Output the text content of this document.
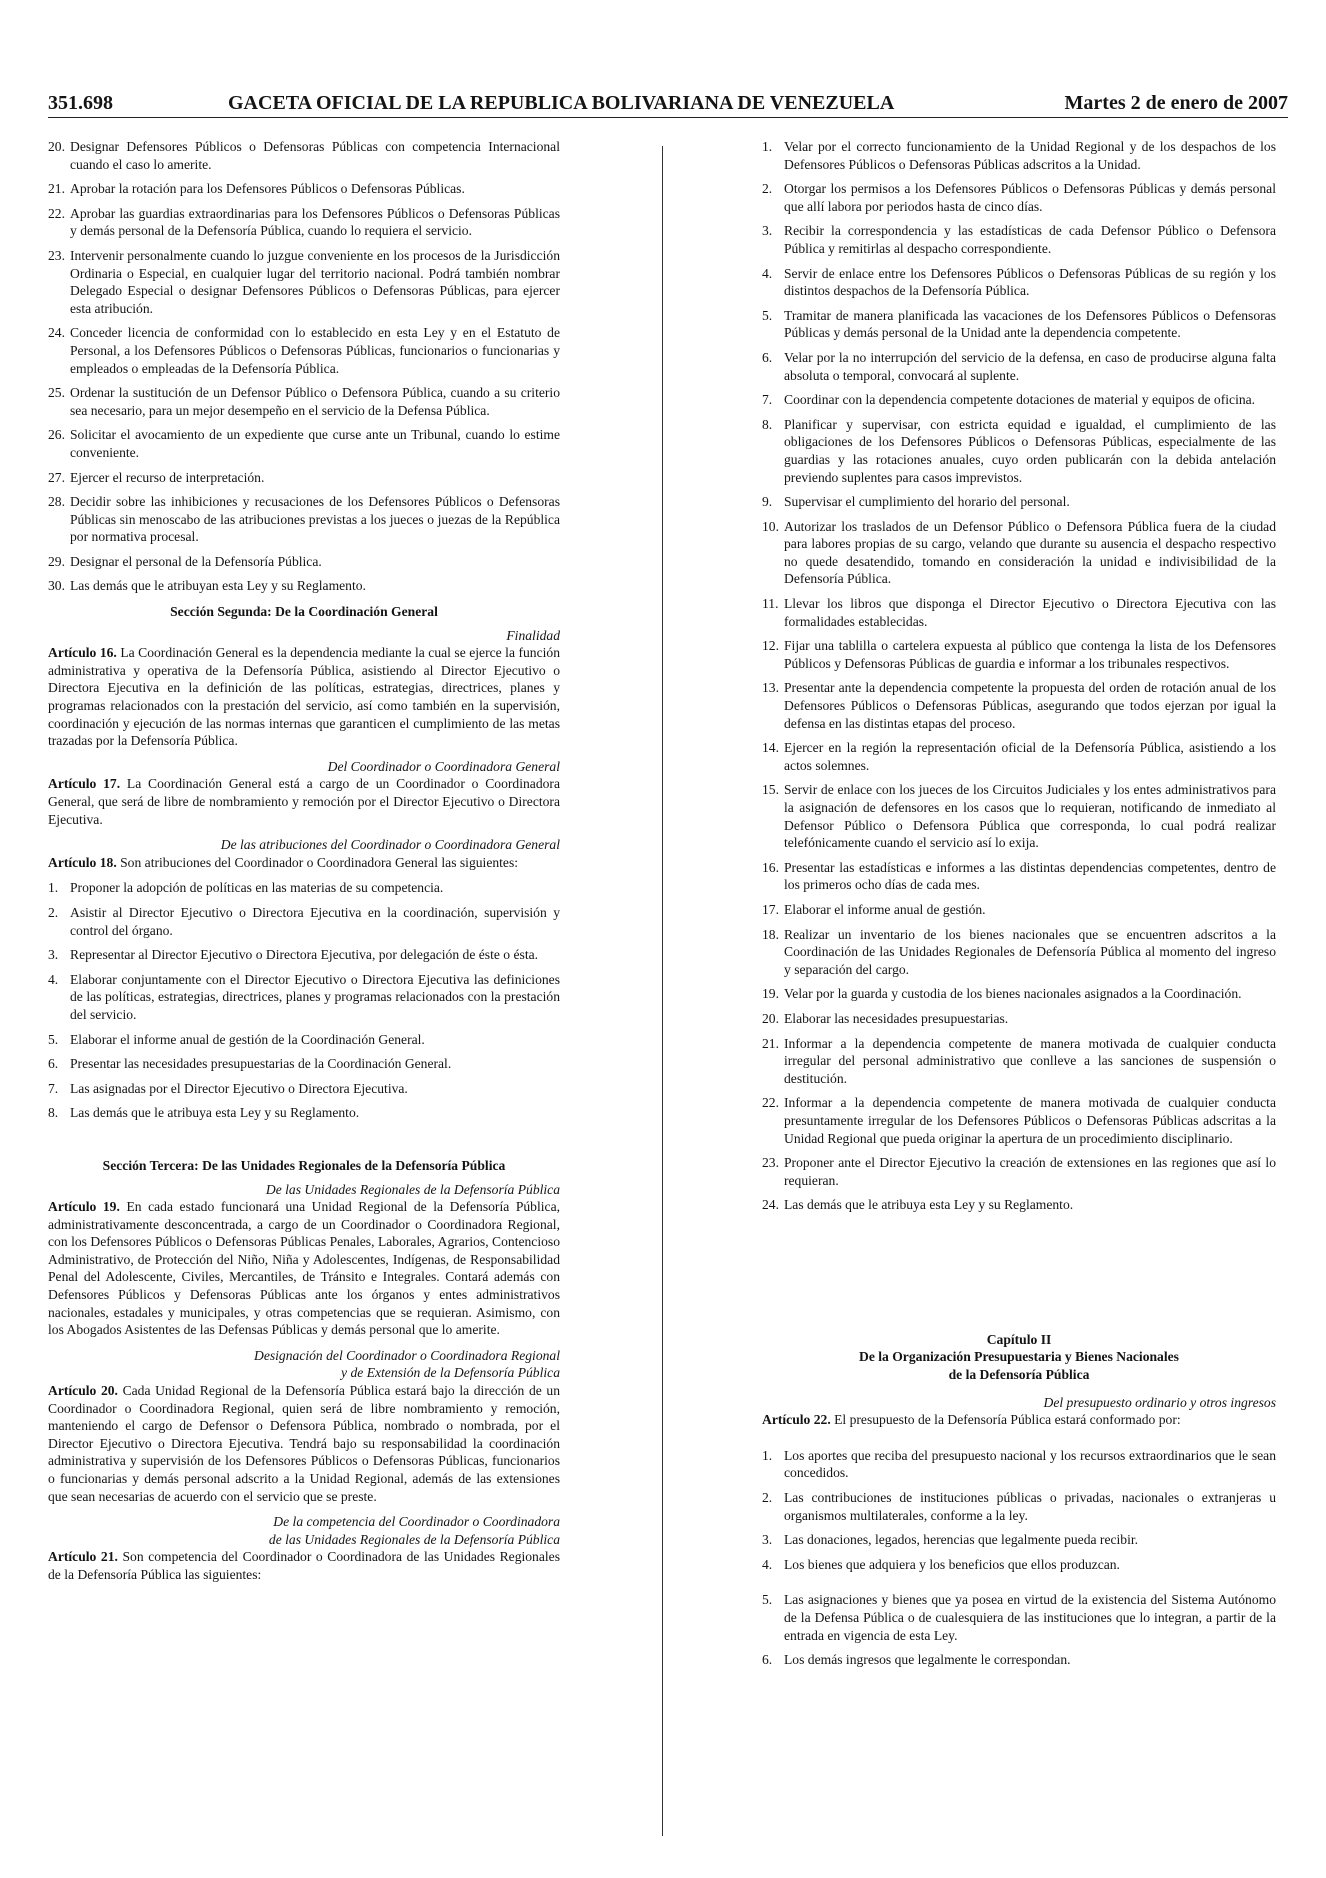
351.698	GACETA OFICIAL DE LA REPUBLICA BOLIVARIANA DE VENEZUELA	Martes 2 de enero de 2007
20. Designar Defensores Públicos o Defensoras Públicas con competencia Internacional cuando el caso lo amerite.
21. Aprobar la rotación para los Defensores Públicos o Defensoras Públicas.
22. Aprobar las guardias extraordinarias para los Defensores Públicos o Defensoras Públicas y demás personal de la Defensoría Pública, cuando lo requiera el servicio.
23. Intervenir personalmente cuando lo juzgue conveniente en los procesos de la Jurisdicción Ordinaria o Especial, en cualquier lugar del territorio nacional. Podrá también nombrar Delegado Especial o designar Defensores Públicos o Defensoras Públicas, para ejercer esta atribución.
24. Conceder licencia de conformidad con lo establecido en esta Ley y en el Estatuto de Personal, a los Defensores Públicos o Defensoras Públicas, funcionarios o funcionarias y empleados o empleadas de la Defensoría Pública.
25. Ordenar la sustitución de un Defensor Público o Defensora Pública, cuando a su criterio sea necesario, para un mejor desempeño en el servicio de la Defensa Pública.
26. Solicitar el avocamiento de un expediente que curse ante un Tribunal, cuando lo estime conveniente.
27. Ejercer el recurso de interpretación.
28. Decidir sobre las inhibiciones y recusaciones de los Defensores Públicos o Defensoras Públicas sin menoscabo de las atribuciones previstas a los jueces o juezas de la República por normativa procesal.
29. Designar el personal de la Defensoría Pública.
30. Las demás que le atribuyan esta Ley y su Reglamento.
Sección Segunda: De la Coordinación General
Finalidad
Artículo 16. La Coordinación General es la dependencia mediante la cual se ejerce la función administrativa y operativa de la Defensoría Pública, asistiendo al Director Ejecutivo o Directora Ejecutiva en la definición de las políticas, estrategias, directrices, planes y programas relacionados con la prestación del servicio, así como también en la supervisión, coordinación y ejecución de las normas internas que garanticen el cumplimiento de las metas trazadas por la Defensoría Pública.
Del Coordinador o Coordinadora General
Artículo 17. La Coordinación General está a cargo de un Coordinador o Coordinadora General, que será de libre de nombramiento y remoción por el Director Ejecutivo o Directora Ejecutiva.
De las atribuciones del Coordinador o Coordinadora General
Artículo 18. Son atribuciones del Coordinador o Coordinadora General las siguientes:
1. Proponer la adopción de políticas en las materias de su competencia.
2. Asistir al Director Ejecutivo o Directora Ejecutiva en la coordinación, supervisión y control del órgano.
3. Representar al Director Ejecutivo o Directora Ejecutiva, por delegación de éste o ésta.
4. Elaborar conjuntamente con el Director Ejecutivo o Directora Ejecutiva las definiciones de las políticas, estrategias, directrices, planes y programas relacionados con la prestación del servicio.
5. Elaborar el informe anual de gestión de la Coordinación General.
6. Presentar las necesidades presupuestarias de la Coordinación General.
7. Las asignadas por el Director Ejecutivo o Directora Ejecutiva.
8. Las demás que le atribuya esta Ley y su Reglamento.
Sección Tercera: De las Unidades Regionales de la Defensoría Pública
De las Unidades Regionales de la Defensoría Pública
Artículo 19. En cada estado funcionará una Unidad Regional de la Defensoría Pública, administrativamente desconcentrada, a cargo de un Coordinador o Coordinadora Regional, con los Defensores Públicos o Defensoras Públicas Penales, Laborales, Agrarios, Contencioso Administrativo, de Protección del Niño, Niña y Adolescentes, Indígenas, de Responsabilidad Penal del Adolescente, Civiles, Mercantiles, de Tránsito e Integrales. Contará además con Defensores Públicos y Defensoras Públicas ante los órganos y entes administrativos nacionales, estadales y municipales, y otras competencias que se requieran. Asimismo, con los Abogados Asistentes de las Defensas Públicas y demás personal que lo amerite.
Designación del Coordinador o Coordinadora Regional
y de Extensión de la Defensoría Pública
Artículo 20. Cada Unidad Regional de la Defensoría Pública estará bajo la dirección de un Coordinador o Coordinadora Regional, quien será de libre nombramiento y remoción, manteniendo el cargo de Defensor o Defensora Pública, nombrado o nombrada, por el Director Ejecutivo o Directora Ejecutiva. Tendrá bajo su responsabilidad la coordinación administrativa y supervisión de los Defensores Públicos o Defensoras Públicas, funcionarios o funcionarias y demás personal adscrito a la Unidad Regional, además de las extensiones que sean necesarias de acuerdo con el servicio que se preste.
De la competencia del Coordinador o Coordinadora
de las Unidades Regionales de la Defensoría Pública
Artículo 21. Son competencia del Coordinador o Coordinadora de las Unidades Regionales de la Defensoría Pública las siguientes:
1. Velar por el correcto funcionamiento de la Unidad Regional y de los despachos de los Defensores Públicos o Defensoras Públicas adscritos a la Unidad.
2. Otorgar los permisos a los Defensores Públicos o Defensoras Públicas y demás personal que allí labora por periodos hasta de cinco días.
3. Recibir la correspondencia y las estadísticas de cada Defensor Público o Defensora Pública y remitirlas al despacho correspondiente.
4. Servir de enlace entre los Defensores Públicos o Defensoras Públicas de su región y los distintos despachos de la Defensoría Pública.
5. Tramitar de manera planificada las vacaciones de los Defensores Públicos o Defensoras Públicas y demás personal de la Unidad ante la dependencia competente.
6. Velar por la no interrupción del servicio de la defensa, en caso de producirse alguna falta absoluta o temporal, convocará al suplente.
7. Coordinar con la dependencia competente dotaciones de material y equipos de oficina.
8. Planificar y supervisar, con estricta equidad e igualdad, el cumplimiento de las obligaciones de los Defensores Públicos o Defensoras Públicas, especialmente de las guardias y las rotaciones anuales, cuyo orden publicarán con la debida antelación previendo suplentes para casos imprevistos.
9. Supervisar el cumplimiento del horario del personal.
10. Autorizar los traslados de un Defensor Público o Defensora Pública fuera de la ciudad para labores propias de su cargo, velando que durante su ausencia el despacho respectivo no quede desatendido, tomando en consideración la unidad e indivisibilidad de la Defensoría Pública.
11. Llevar los libros que disponga el Director Ejecutivo o Directora Ejecutiva con las formalidades establecidas.
12. Fijar una tablilla o cartelera expuesta al público que contenga la lista de los Defensores Públicos y Defensoras Públicas de guardia e informar a los tribunales respectivos.
13. Presentar ante la dependencia competente la propuesta del orden de rotación anual de los Defensores Públicos o Defensoras Públicas, asegurando que todos ejerzan por igual la defensa en las distintas etapas del proceso.
14. Ejercer en la región la representación oficial de la Defensoría Pública, asistiendo a los actos solemnes.
15. Servir de enlace con los jueces de los Circuitos Judiciales y los entes administrativos para la asignación de defensores en los casos que lo requieran, notificando de inmediato al Defensor Público o Defensora Pública que corresponda, lo cual podrá realizar telefónicamente cuando el servicio así lo exija.
16. Presentar las estadísticas e informes a las distintas dependencias competentes, dentro de los primeros ocho días de cada mes.
17. Elaborar el informe anual de gestión.
18. Realizar un inventario de los bienes nacionales que se encuentren adscritos a la Coordinación de las Unidades Regionales de Defensoría Pública al momento del ingreso y separación del cargo.
19. Velar por la guarda y custodia de los bienes nacionales asignados a la Coordinación.
20. Elaborar las necesidades presupuestarias.
21. Informar a la dependencia competente de manera motivada de cualquier conducta irregular del personal administrativo que conlleve a las sanciones de suspensión o destitución.
22. Informar a la dependencia competente de manera motivada de cualquier conducta presuntamente irregular de los Defensores Públicos o Defensoras Públicas adscritas a la Unidad Regional que pueda originar la apertura de un procedimiento disciplinario.
23. Proponer ante el Director Ejecutivo la creación de extensiones en las regiones que así lo requieran.
24. Las demás que le atribuya esta Ley y su Reglamento.
Capítulo II
De la Organización Presupuestaria y Bienes Nacionales
de la Defensoría Pública
Del presupuesto ordinario y otros ingresos
Artículo 22. El presupuesto de la Defensoría Pública estará conformado por:
1. Los aportes que reciba del presupuesto nacional y los recursos extraordinarios que le sean concedidos.
2. Las contribuciones de instituciones públicas o privadas, nacionales o extranjeras u organismos multilaterales, conforme a la ley.
3. Las donaciones, legados, herencias que legalmente pueda recibir.
4. Los bienes que adquiera y los beneficios que ellos produzcan.
5. Las asignaciones y bienes que ya posea en virtud de la existencia del Sistema Autónomo de la Defensa Pública o de cualesquiera de las instituciones que lo integran, a partir de la entrada en vigencia de esta Ley.
6. Los demás ingresos que legalmente le correspondan.
